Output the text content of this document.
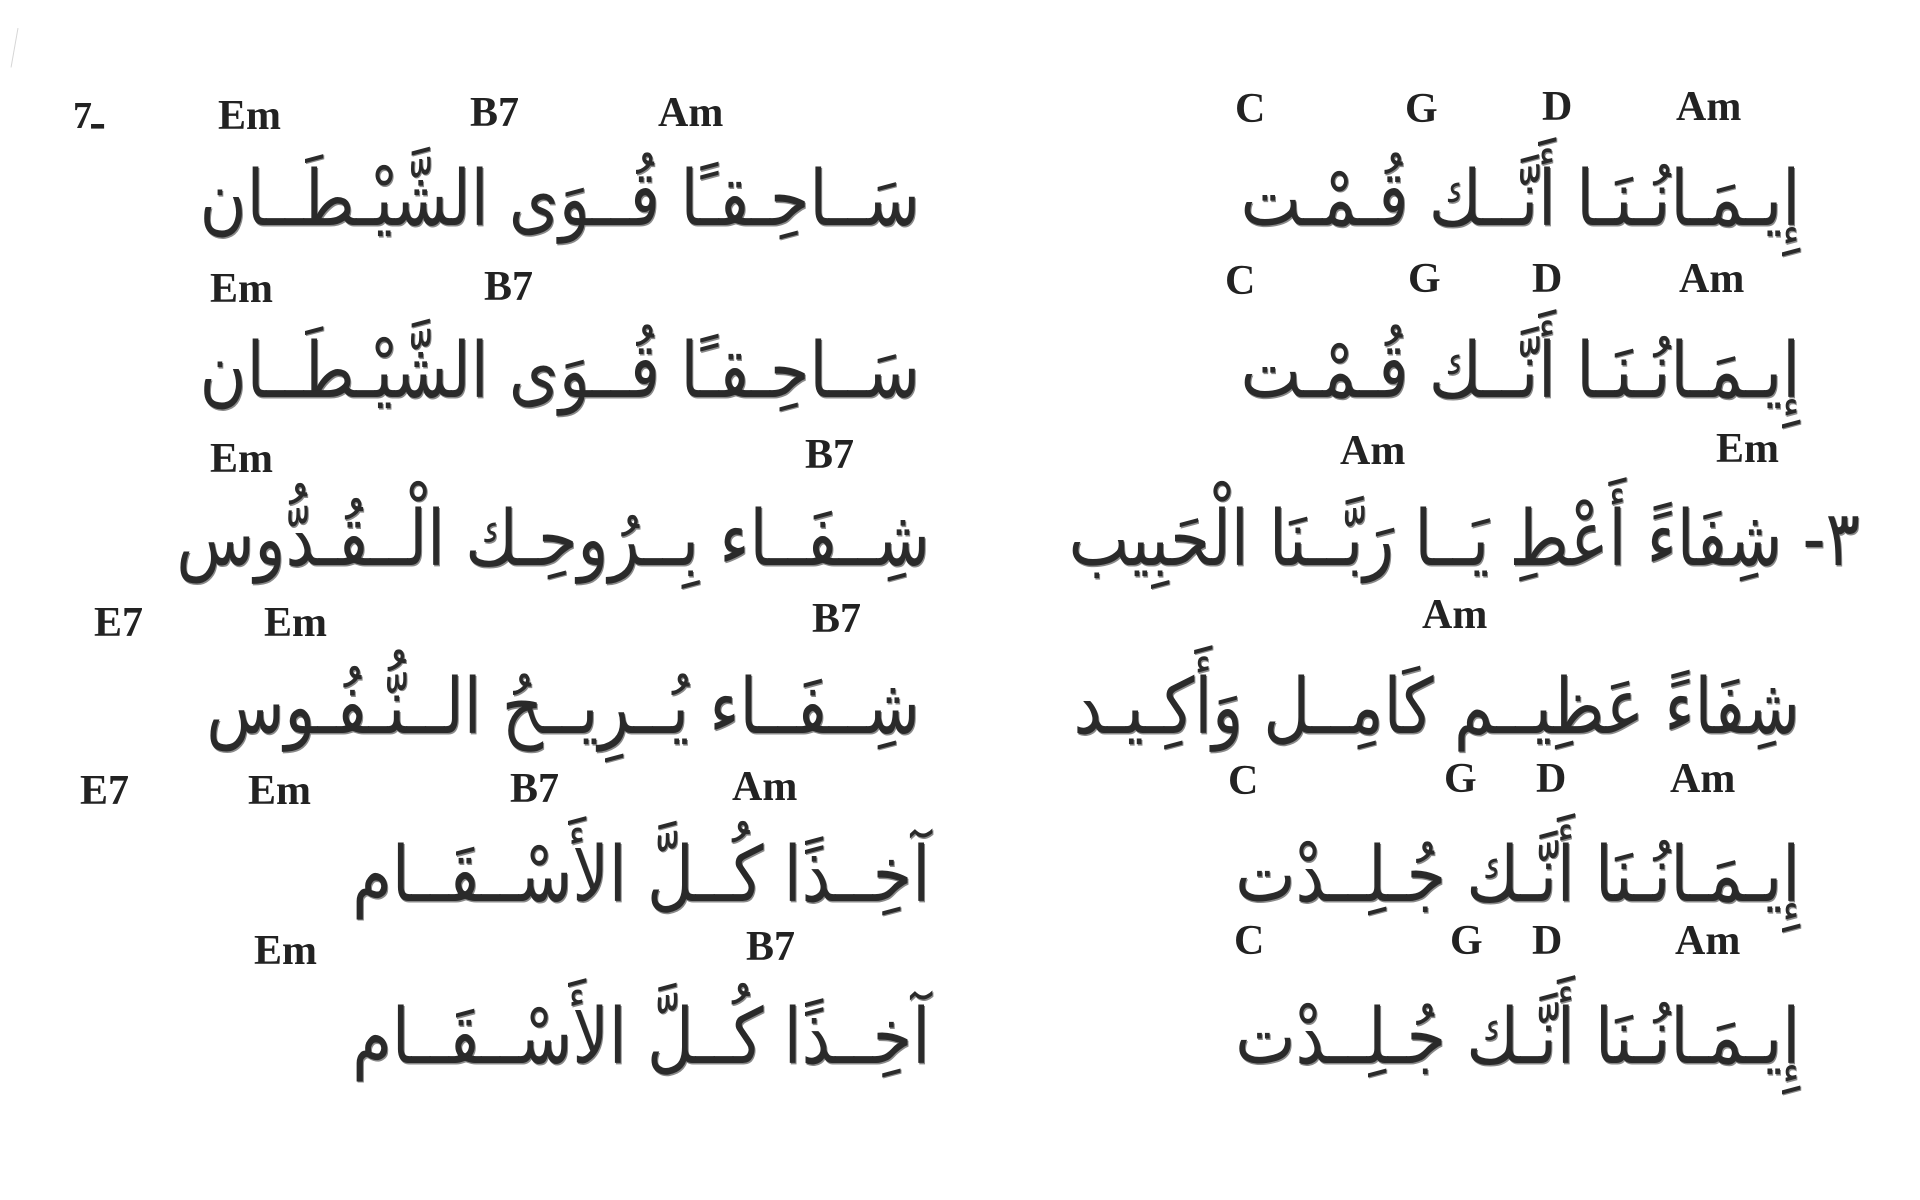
ـ7	Em	B7	Am	C	G D Am
سَــاحِـقـًا قُــوَى الشَّيْـطَــان	إِيـمَـانُـنَـا أَنَّــك قُـمْـت
Em	B7	C	G D	Am
سَــاحِـقـًا قُــوَى الشَّيْـطَــان	إِيـمَـانُـنَـا أَنَّــك قُـمْـت
Em	B7	Am	Em
شِــفَــاء بِــرُوحِـك الْــقُـدُّوس	٣- شِفَاءً أَعْطِ يَــا رَبَّــنَا الْحَبِيب
E7	Em	B7	Am
شِــفَــاء يُــرِيــحُ الــنُّـفُـوس	شِفَاءً عَظِيــم كَامِــل وَأَكِـيـد
E7	Em	B7	Am	C	G D Am
آخِــذًا كُــلَّ الأَسْــقَــام	إِيـمَـانُـنَا أَنَّـك جُـلِــدْت
Em	B7	C	G D	Am
آخِــذًا كُــلَّ الأَسْــقَــام	إِيـمَـانُـنَا أَنَّـك جُـلِــدْت
